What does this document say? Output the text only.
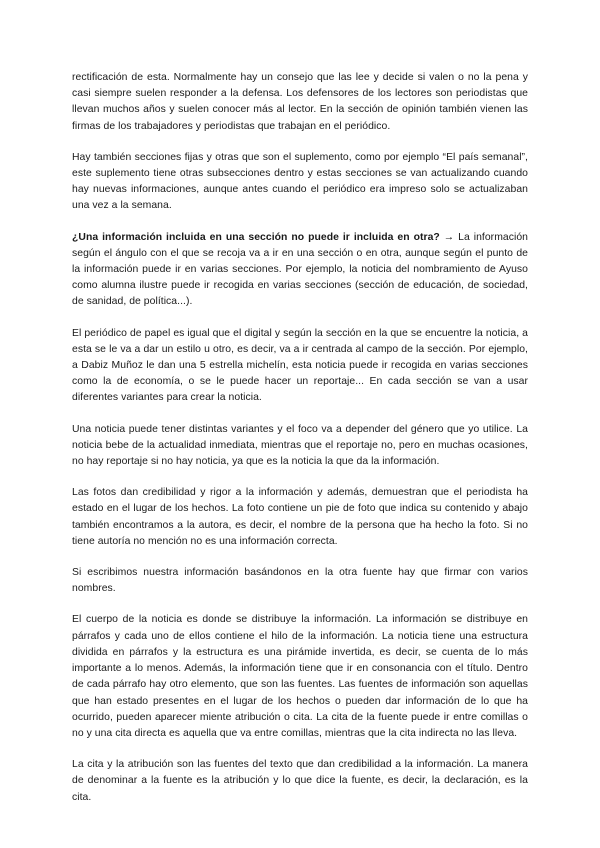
rectificación de esta. Normalmente hay un consejo que las lee y decide si valen o no la pena y casi siempre suelen responder a la defensa. Los defensores de los lectores son periodistas que llevan muchos años y suelen conocer más al lector. En la sección de opinión también vienen las firmas de los trabajadores y periodistas que trabajan en el periódico.

Hay también secciones fijas y otras que son el suplemento, como por ejemplo “El país semanal”, este suplemento tiene otras subsecciones dentro y estas secciones se van actualizando cuando hay nuevas informaciones, aunque antes cuando el periódico era impreso solo se actualizaban una vez a la semana.

¿Una información incluida en una sección no puede ir incluida en otra? → La información según el ángulo con el que se recoja va a ir en una sección o en otra, aunque según el punto de la información puede ir en varias secciones. Por ejemplo, la noticia del nombramiento de Ayuso como alumna ilustre puede ir recogida en varias secciones (sección de educación, de sociedad, de sanidad, de política...).

El periódico de papel es igual que el digital y según la sección en la que se encuentre la noticia, a esta se le va a dar un estilo u otro, es decir, va a ir centrada al campo de la sección. Por ejemplo, a Dabiz Muñoz le dan una 5 estrella michelín, esta noticia puede ir recogida en varias secciones como la de economía, o se le puede hacer un reportaje... En cada sección se van a usar diferentes variantes para crear la noticia.

Una noticia puede tener distintas variantes y el foco va a depender del género que yo utilice. La noticia bebe de la actualidad inmediata, mientras que el reportaje no, pero en muchas ocasiones, no hay reportaje si no hay noticia, ya que es la noticia la que da la información.

Las fotos dan credibilidad y rigor a la información y además, demuestran que el periodista ha estado en el lugar de los hechos. La foto contiene un pie de foto que indica su contenido y abajo también encontramos a la autora, es decir, el nombre de la persona que ha hecho la foto. Si no tiene autoría no mención no es una información correcta.

Si escribimos nuestra información basándonos en la otra fuente hay que firmar con varios nombres.

El cuerpo de la noticia es donde se distribuye la información. La información se distribuye en párrafos y cada uno de ellos contiene el hilo de la información. La noticia tiene una estructura dividida en párrafos y la estructura es una pirámide invertida, es decir, se cuenta de lo más importante a lo menos. Además, la información tiene que ir en consonancia con el título. Dentro de cada párrafo hay otro elemento, que son las fuentes. Las fuentes de información son aquellas que han estado presentes en el lugar de los hechos o pueden dar información de lo que ha ocurrido, pueden aparecer miente atribución o cita. La cita de la fuente puede ir entre comillas o no y una cita directa es aquella que va entre comillas, mientras que la cita indirecta no las lleva.

La cita y la atribución son las fuentes del texto que dan credibilidad a la información. La manera de denominar a la fuente es la atribución y lo que dice la fuente, es decir, la declaración, es la cita.
